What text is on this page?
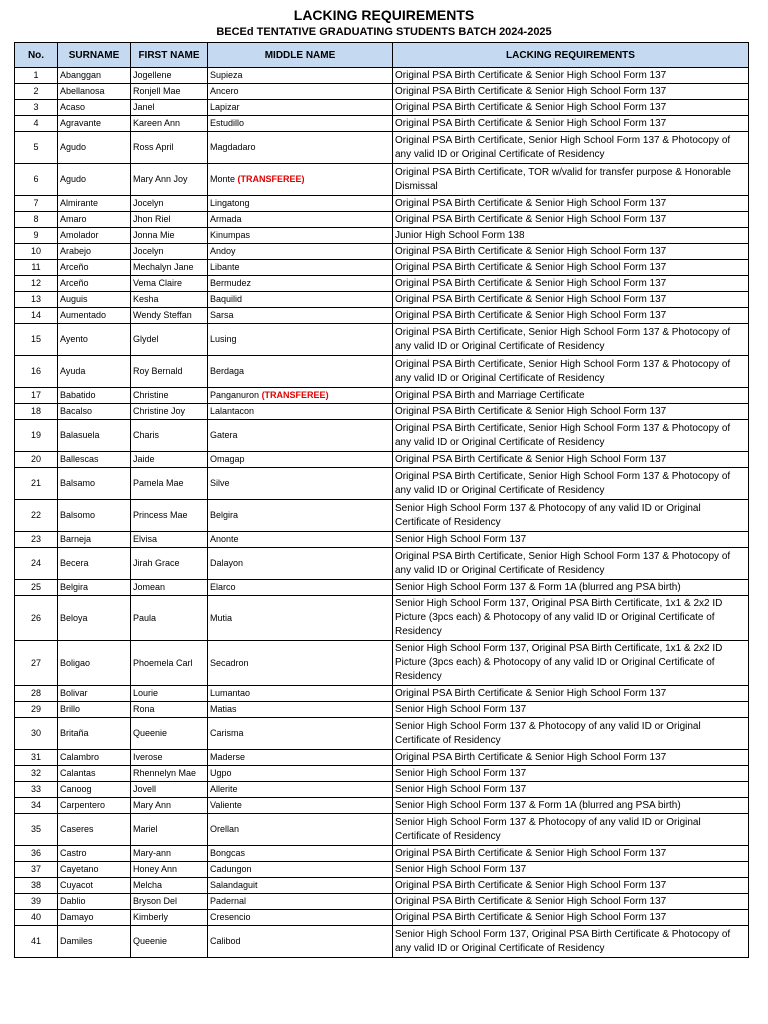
LACKING REQUIREMENTS
BECEd TENTATIVE GRADUATING STUDENTS BATCH 2024-2025
No.	SURNAME	FIRST NAME	MIDDLE NAME	LACKING REQUIREMENTS
1	Abanggan	Jogellene	Supieza	Original PSA Birth Certificate & Senior High School Form 137
2	Abellanosa	Ronjell Mae	Ancero	Original PSA Birth Certificate & Senior High School Form 137
3	Acaso	Janel	Lapizar	Original PSA Birth Certificate & Senior High School Form 137
4	Agravante	Kareen Ann	Estudillo	Original PSA Birth Certificate & Senior High School Form 137
5	Agudo	Ross April	Magdadaro	Original PSA Birth Certificate, Senior High School Form 137 & Photocopy of any valid ID or Original Certificate of Residency
6	Agudo	Mary Ann Joy	Monte (TRANSFEREE)	Original PSA Birth Certificate, TOR w/valid for transfer purpose & Honorable Dismissal
7	Almirante	Jocelyn	Lingatong	Original PSA Birth Certificate & Senior High School Form 137
8	Amaro	Jhon Riel	Armada	Original PSA Birth Certificate & Senior High School Form 137
9	Amolador	Jonna Mie	Kinumpas	Junior High School Form 138
10	Arabejo	Jocelyn	Andoy	Original PSA Birth Certificate & Senior High School Form 137
11	Arceño	Mechalyn Jane	Libante	Original PSA Birth Certificate & Senior High School Form 137
12	Arceño	Vema Claire	Bermudez	Original PSA Birth Certificate & Senior High School Form 137
13	Auguis	Kesha	Baquilid	Original PSA Birth Certificate & Senior High School Form 137
14	Aumentado	Wendy Steffan	Sarsa	Original PSA Birth Certificate & Senior High School Form 137
15	Ayento	Glydel	Lusing	Original PSA Birth Certificate, Senior High School Form 137 & Photocopy of any valid ID or Original Certificate of Residency
16	Ayuda	Roy Bernald	Berdaga	Original PSA Birth Certificate, Senior High School Form 137 & Photocopy of any valid ID or Original Certificate of Residency
17	Babatido	Christine	Panganuron (TRANSFEREE)	Original PSA Birth and Marriage Certificate
18	Bacalso	Christine Joy	Lalantacon	Original PSA Birth Certificate & Senior High School Form 137
19	Balasuela	Charis	Gatera	Original PSA Birth Certificate, Senior High School Form 137 & Photocopy of any valid ID or Original Certificate of Residency
20	Ballescas	Jaide	Omagap	Original PSA Birth Certificate & Senior High School Form 137
21	Balsamo	Pamela Mae	Silve	Original PSA Birth Certificate, Senior High School Form 137 & Photocopy of any valid ID or Original Certificate of Residency
22	Balsomo	Princess Mae	Belgira	Senior High School Form 137 & Photocopy of any valid ID or Original Certificate of Residency
23	Barneja	Elvisa	Anonte	Senior High School Form 137
24	Becera	Jirah Grace	Dalayon	Original PSA Birth Certificate, Senior High School Form 137 & Photocopy of any valid ID or Original Certificate of Residency
25	Belgira	Jomean	Elarco	Senior High School Form 137 & Form 1A (blurred ang PSA birth)
26	Beloya	Paula	Mutia	Senior High School Form 137, Original PSA Birth Certificate, 1x1 & 2x2 ID Picture (3pcs each) & Photocopy of any valid ID or Original Certificate of Residency
27	Boligao	Phoemela Carl	Secadron	Senior High School Form 137, Original PSA Birth Certificate, 1x1 & 2x2 ID Picture (3pcs each) & Photocopy of any valid ID or Original Certificate of Residency
28	Bolivar	Lourie	Lumantao	Original PSA Birth Certificate & Senior High School Form 137
29	Brillo	Rona	Matias	Senior High School Form 137
30	Britaña	Queenie	Carisma	Senior High School Form 137 & Photocopy of any valid ID or Original Certificate of Residency
31	Calambro	Iverose	Maderse	Original PSA Birth Certificate & Senior High School Form 137
32	Calantas	Rhennelyn Mae	Ugpo	Senior High School Form 137
33	Canoog	Jovell	Allerite	Senior High School Form 137
34	Carpentero	Mary Ann	Valiente	Senior High School Form 137 & Form 1A (blurred ang PSA birth)
35	Caseres	Mariel	Orellan	Senior High School Form 137 & Photocopy of any valid ID or Original Certificate of Residency
36	Castro	Mary-ann	Bongcas	Original PSA Birth Certificate & Senior High School Form 137
37	Cayetano	Honey Ann	Cadungon	Senior High School Form 137
38	Cuyacot	Melcha	Salandaguit	Original PSA Birth Certificate & Senior High School Form 137
39	Dablio	Bryson Del	Padernal	Original PSA Birth Certificate & Senior High School Form 137
40	Damayo	Kimberly	Cresencio	Original PSA Birth Certificate & Senior High School Form 137
41	Damiles	Queenie	Calibod	Senior High School Form 137, Original PSA Birth Certificate & Photocopy of any valid ID or Original Certificate of Residency
